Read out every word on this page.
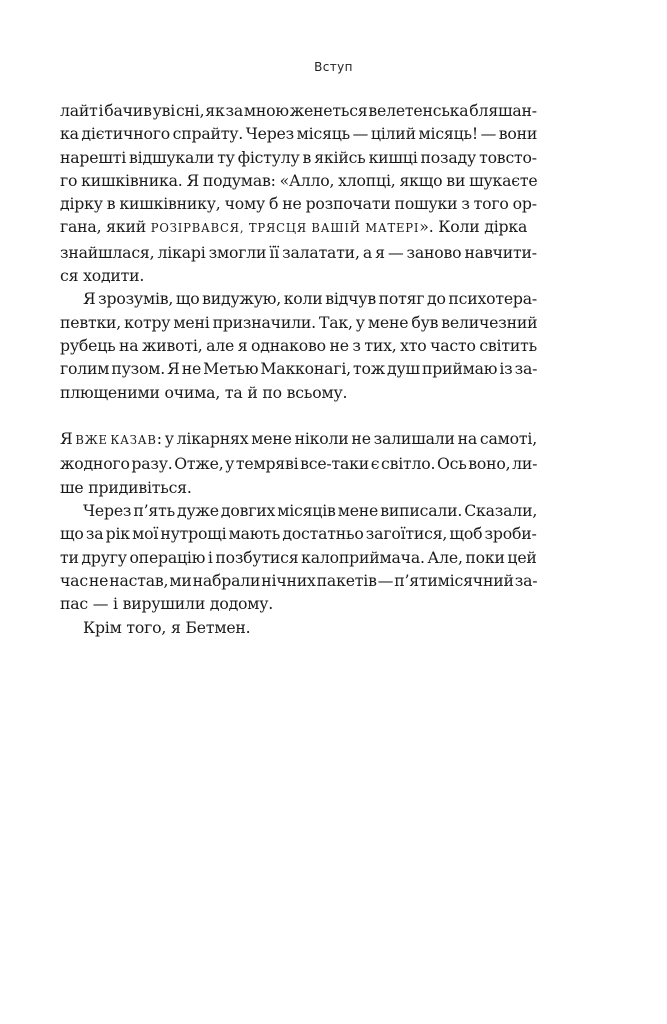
Вступ

лайт і бачив уві сні, як за мною женеться велетенська бляшан-
ка дієтичного спрайту. Через місяць — цілий місяць! — вони
нарешті відшукали ту фістулу в якійсь кишці позаду товсто-
го кишківника. Я подумав: «Алло, хлопці, якщо ви шукаєте
дірку в кишківнику, чому б не розпочати пошуки з того ор-
гана, який РОЗІРВАВСЯ, ТРЯСЦЯ ВАШІЙ МАТЕРІ». Коли дірка
знайшлася, лікарі змогли її залатати, а я — заново навчити-
ся ходити.

Я зрозумів, що видужую, коли відчув потяг до психотера-
певтки, котру мені призначили. Так, у мене був величезний
рубець на животі, але я однаково не з тих, хто часто світить
голим пузом. Я не Метью Макконагі, тож душ приймаю із за-
плющеними очима, та й по всьому.

Я ВЖЕ КАЗАВ: у лікарнях мене ніколи не залишали на самоті,
жодного разу. Отже, у темряві все-таки є світло. Ось воно, ли-
ше придивіться.

Через п’ять дуже довгих місяців мене виписали. Сказали,
що за рік мої нутрощі мають достатньо загоїтися, щоб зроби-
ти другу операцію і позбутися калоприймача. Але, поки цей
час не настав, ми набрали нічних пакетів — п’ятимісячний за-
пас — і вирушили додому.

Крім того, я Бетмен.
